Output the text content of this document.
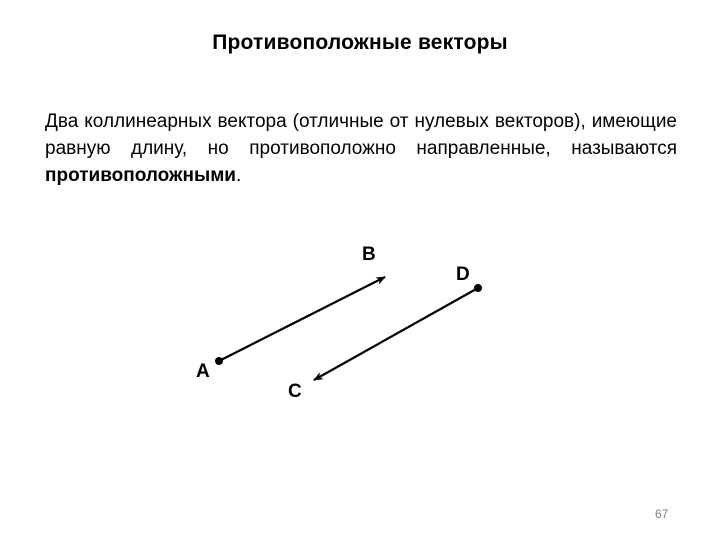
Противоположные векторы
Два коллинеарных вектора (отличные от нулевых векторов), имеющие равную длину, но противоположно направленные, называются противоположными.
B
D
A
C
67
